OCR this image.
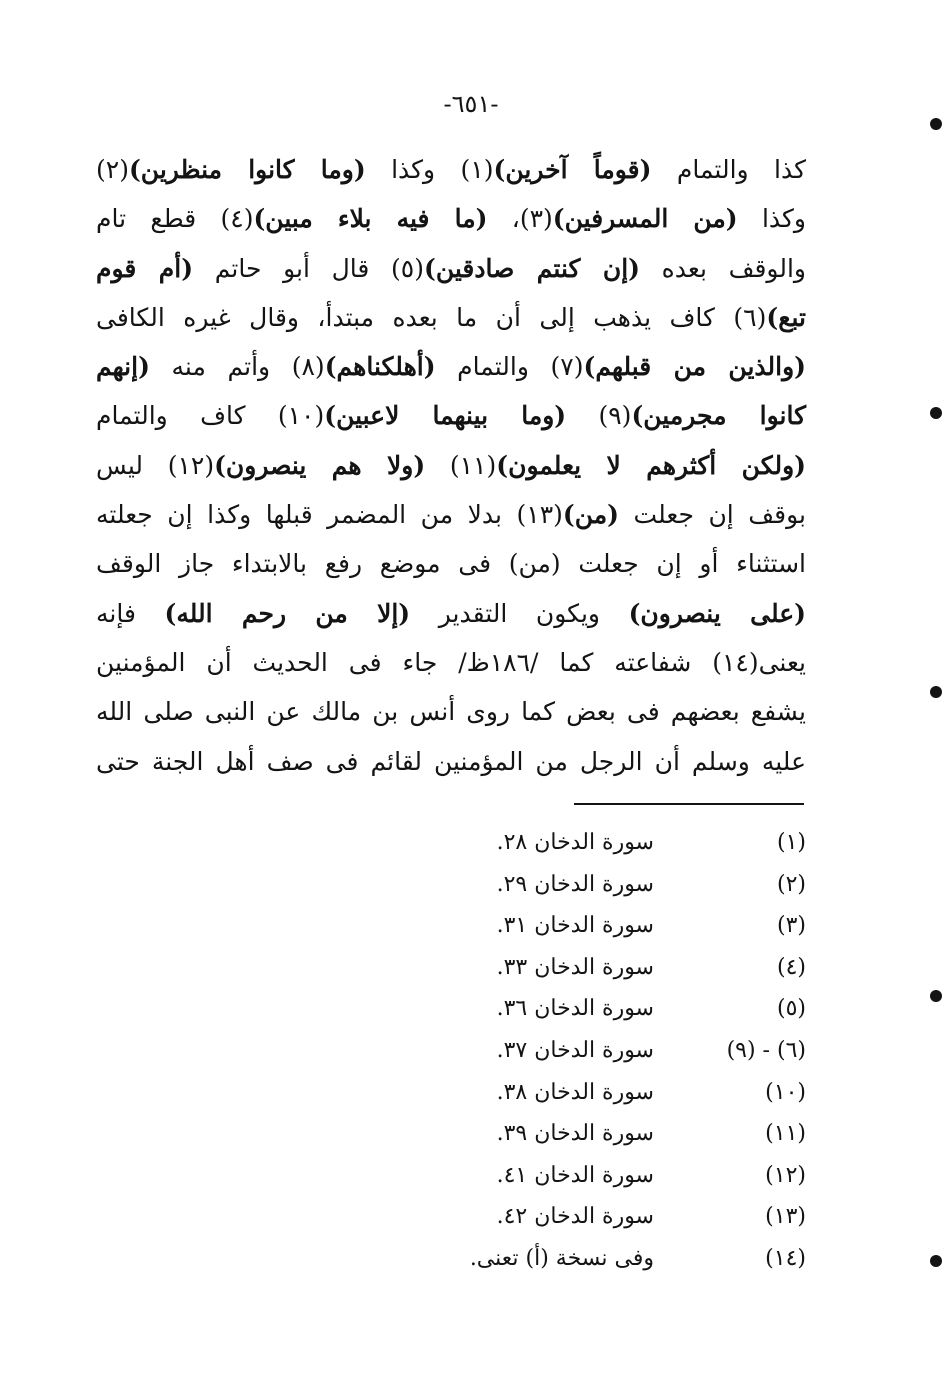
-٦٥١-
كذا والتمام (قوماً آخرين)(١) وكذا (وما كانوا منظرين)(٢)
وكذا (من المسرفين)(٣)، (ما فيه بلاء مبين)(٤) قطع تام
والوقف بعده (إن كنتم صادقين)(٥) قال أبو حاتم (أم قوم
تبع)(٦) كاف يذهب إلى أن ما بعده مبتدأ، وقال غيره الكافى
(والذين من قبلهم)(٧) والتمام (أهلكناهم)(٨) وأتم منه (إنهم
كانوا مجرمين)(٩) (وما بينهما لاعبين)(١٠) كاف والتمام
(ولكن أكثرهم لا يعلمون)(١١) (ولا هم ينصرون)(١٢) ليس
بوقف إن جعلت (من)(١٣) بدلا من المضمر قبلها وكذا إن جعلته
استثناء أو إن جعلت (من) فى موضع رفع بالابتداء جاز الوقف
(على ينصرون) ويكون التقدير (إلا من رحم الله) فإنه
يعنى(١٤) شفاعته كما /١٨٦ظ/ جاء فى الحديث أن المؤمنين
يشفع بعضهم فى بعض كما روى أنس بن مالك عن النبى صلى الله
عليه وسلم أن الرجل من المؤمنين لقائم فى صف أهل الجنة حتى
(١)
سورة الدخان ٢٨.
(٢)
سورة الدخان ٢٩.
(٣)
سورة الدخان ٣١.
(٤)
سورة الدخان ٣٣.
(٥)
سورة الدخان ٣٦.
(٦) - (٩)
سورة الدخان ٣٧.
(١٠)
سورة الدخان ٣٨.
(١١)
سورة الدخان ٣٩.
(١٢)
سورة الدخان ٤١.
(١٣)
سورة الدخان ٤٢.
(١٤)
وفى نسخة (أ) تعنى.
